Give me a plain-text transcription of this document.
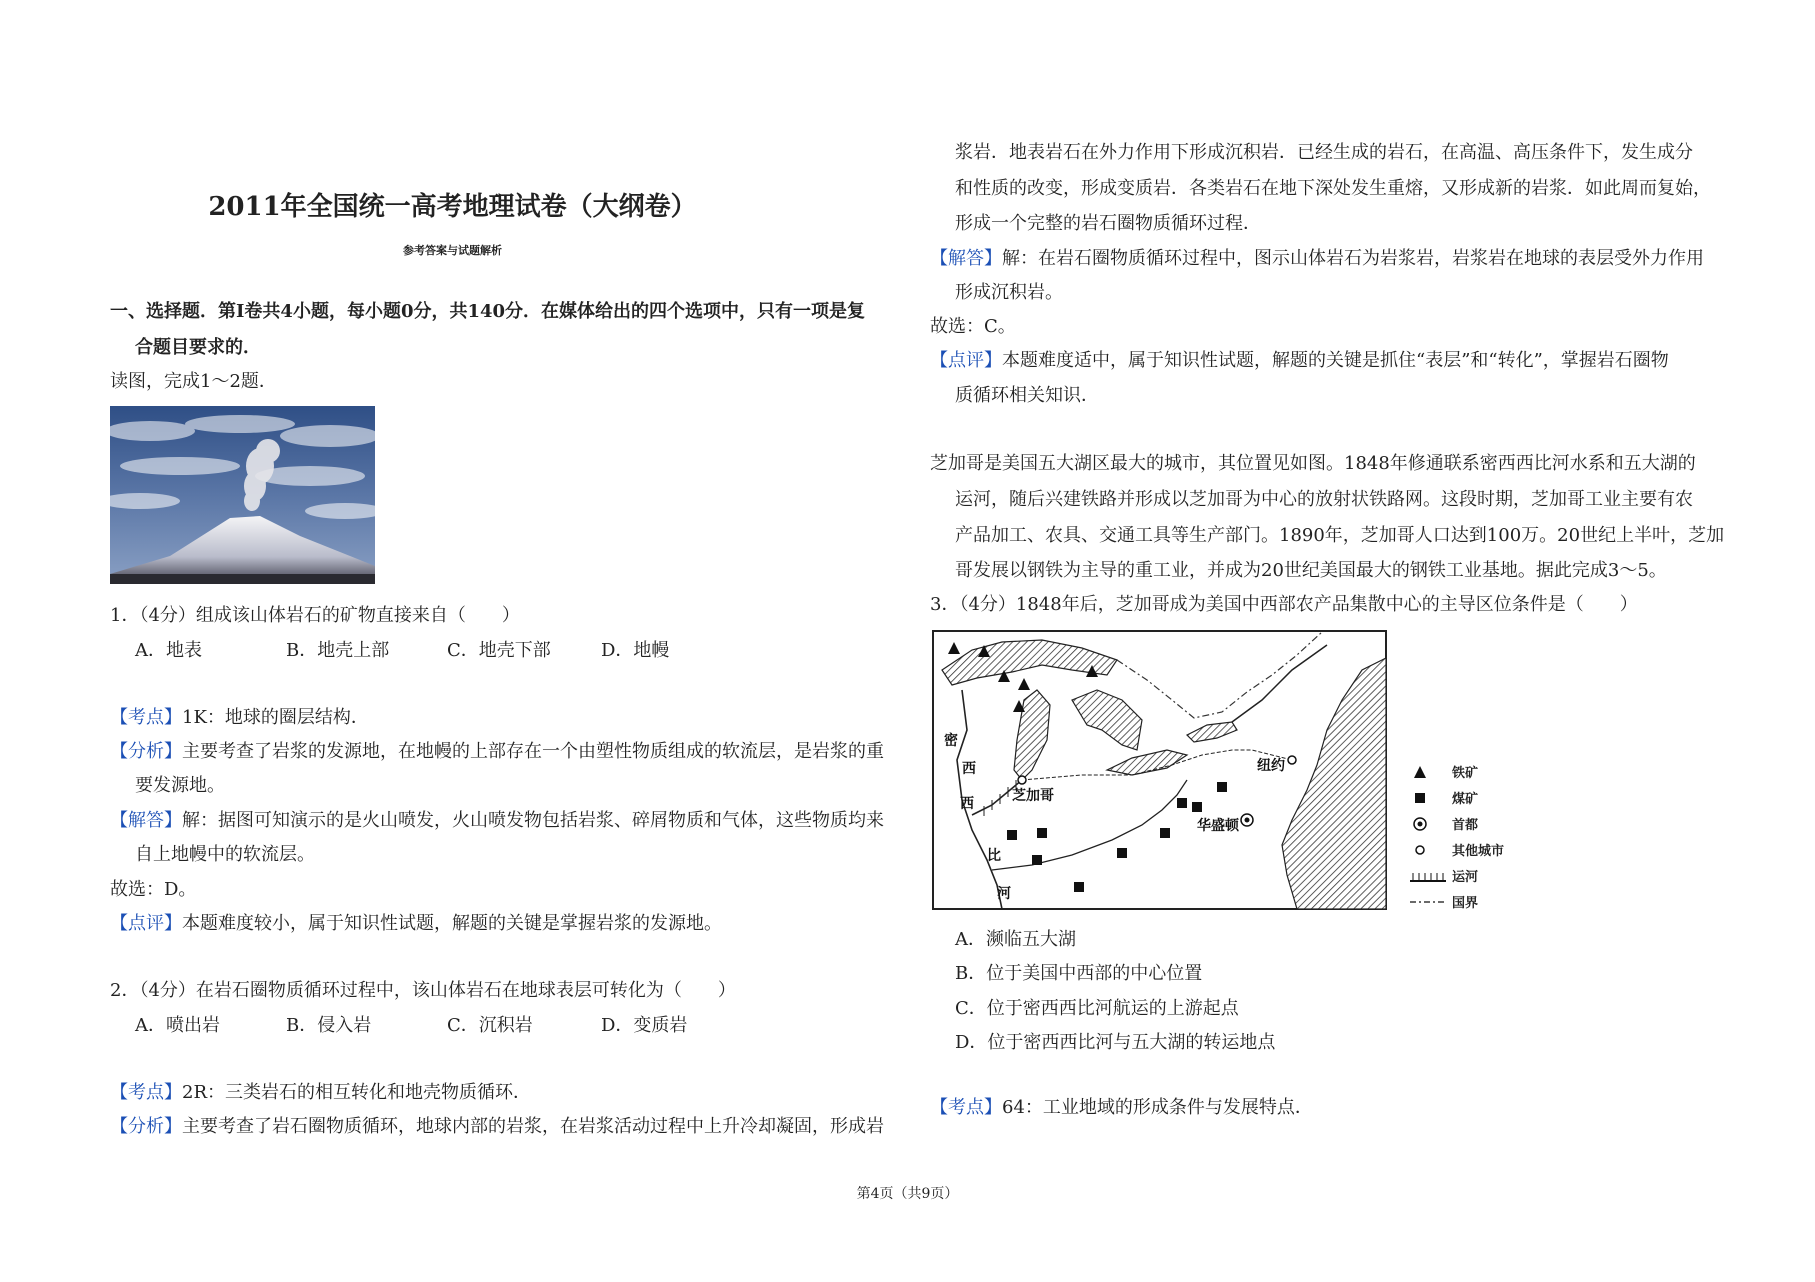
2011年全国统一高考地理试卷（大纲卷）
参考答案与试题解析
一、选择题．第Ⅰ卷共4小题，每小题0分，共140分．在媒体给出的四个选项中，只有一项是复
合题目要求的．
读图，完成1～2题．
1．（4分）组成该山体岩石的矿物直接来自（　　）
A．地表	B．地壳上部	C．地壳下部	D．地幔
【考点】1K：地球的圈层结构．
【分析】主要考查了岩浆的发源地，在地幔的上部存在一个由塑性物质组成的软流层，是岩浆的重
要发源地。
【解答】解：据图可知演示的是火山喷发，火山喷发物包括岩浆、碎屑物质和气体，这些物质均来
自上地幔中的软流层。
故选：D。
【点评】本题难度较小，属于知识性试题，解题的关键是掌握岩浆的发源地。
2．（4分）在岩石圈物质循环过程中，该山体岩石在地球表层可转化为（　　）
A．喷出岩	B．侵入岩	C．沉积岩	D．变质岩
【考点】2R：三类岩石的相互转化和地壳物质循环．
【分析】主要考查了岩石圈物质循环，地球内部的岩浆，在岩浆活动过程中上升冷却凝固，形成岩
浆岩．地表岩石在外力作用下形成沉积岩．已经生成的岩石，在高温、高压条件下，发生成分
和性质的改变，形成变质岩．各类岩石在地下深处发生重熔，又形成新的岩浆．如此周而复始，
形成一个完整的岩石圈物质循环过程．
【解答】解：在岩石圈物质循环过程中，图示山体岩石为岩浆岩，岩浆岩在地球的表层受外力作用
形成沉积岩。
故选：C。
【点评】本题难度适中，属于知识性试题，解题的关键是抓住“表层”和“转化”，掌握岩石圈物
质循环相关知识．
芝加哥是美国五大湖区最大的城市，其位置见如图。1848年修通联系密西西比河水系和五大湖的
运河，随后兴建铁路并形成以芝加哥为中心的放射状铁路网。这段时期，芝加哥工业主要有农
产品加工、农具、交通工具等生产部门。1890年，芝加哥人口达到100万。20世纪上半叶，芝加
哥发展以钢铁为主导的重工业，并成为20世纪美国最大的钢铁工业基地。据此完成3～5。
3．（4分）1848年后，芝加哥成为美国中西部农产品集散中心的主导区位条件是（　　）
密
西
西
比
河
芝加哥
纽约
华盛顿
铁矿
煤矿
首都
其他城市
运河
国界
A．濒临五大湖
B．位于美国中西部的中心位置
C．位于密西西比河航运的上游起点
D．位于密西西比河与五大湖的转运地点
【考点】64：工业地域的形成条件与发展特点．
第4页（共9页）
